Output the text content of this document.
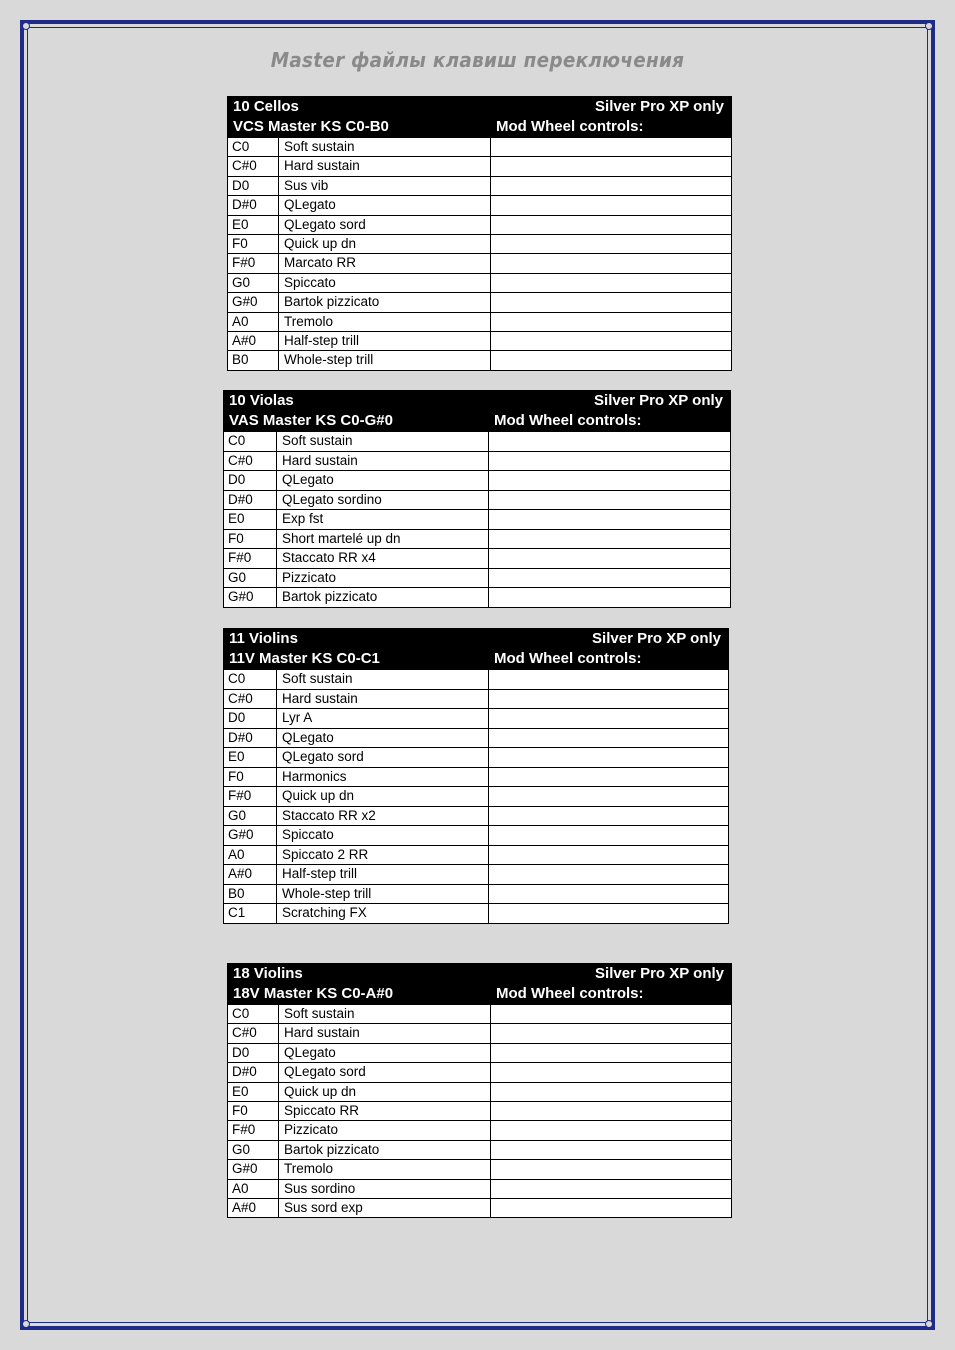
Master файлы клавиш переключения
10 Cellos
VCS Master KS C0-B0
Silver Pro XP only
Mod Wheel controls:
C0	Soft sustain
C#0 Hard sustain
D0	Sus vib
D#0 QLegato
E0	QLegato sord
F0	Quick up dn
F#0 Marcato RR
G0	Spiccato
G#0 Bartok pizzicato
A0	Tremolo
A#0 Half-step trill
B0	Whole-step trill
10 Violas
VAS Master KS C0-G#0
Silver Pro XP only
Mod Wheel controls:
C0	Soft sustain
C#0 Hard sustain
D0	QLegato
D#0 QLegato sordino
E0	Exp fst
F0	Short martelé up dn
F#0 Staccato RR x4
G0	Pizzicato
G#0 Bartok pizzicato
11 Violins
11V Master KS C0-C1
Silver Pro XP only
Mod Wheel controls:
C0	Soft sustain
C#0 Hard sustain
D0	Lyr A
D#0 QLegato
E0	QLegato sord
F0	Harmonics
F#0 Quick up dn
G0	Staccato RR x2
G#0 Spiccato
A0	Spiccato 2 RR
A#0 Half-step trill
B0	Whole-step trill
C1	Scratching FX
18 Violins
18V Master KS C0-A#0
Silver Pro XP only
Mod Wheel controls:
C0	Soft sustain
C#0 Hard sustain
D0	QLegato
D#0 QLegato sord
E0	Quick up dn
F0	Spiccato RR
F#0 Pizzicato
G0	Bartok pizzicato
G#0 Tremolo
A0	Sus sordino
A#0 Sus sord exp
